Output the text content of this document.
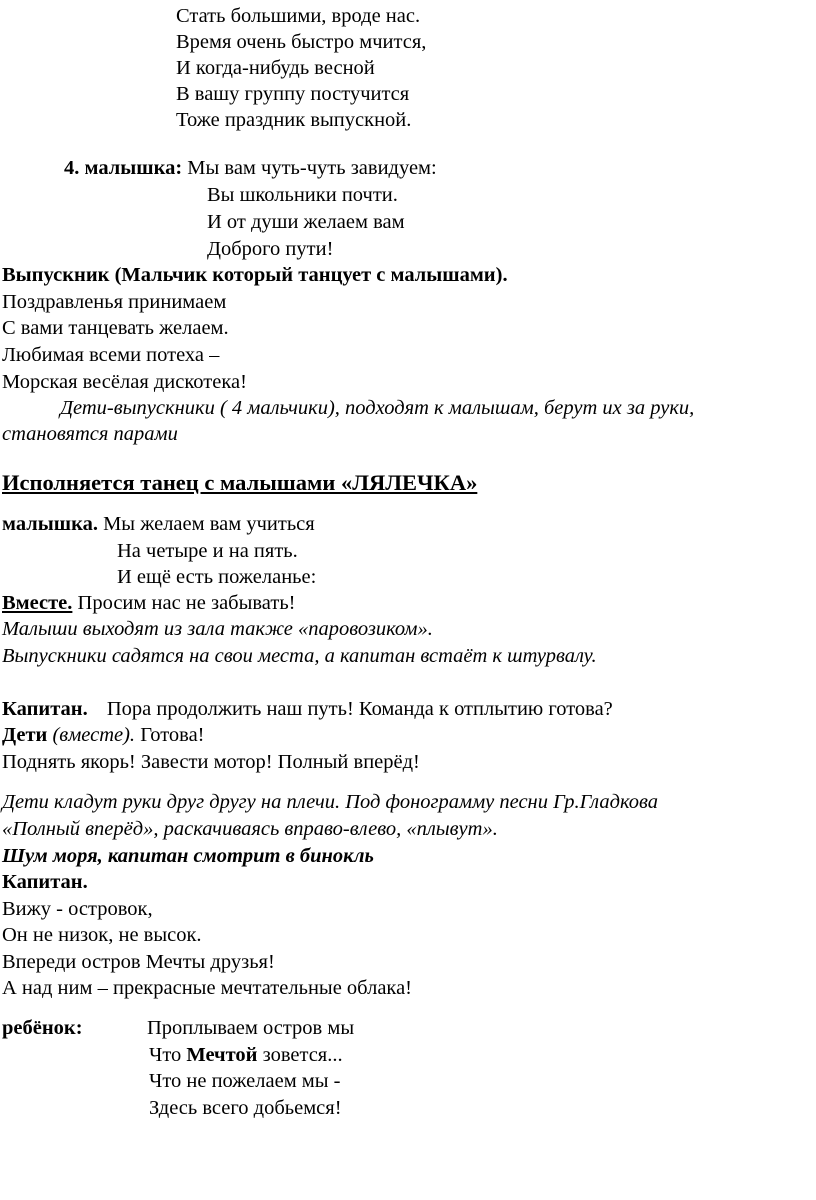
Стать большими, вроде нас.
Время очень быстро мчится,
И когда-нибудь весной
В вашу группу постучится
Тоже праздник выпускной.
4. малышка: Мы вам чуть-чуть завидуем:
Вы школьники почти.
И от души желаем вам
Доброго пути!
Выпускник (Мальчик который танцует с малышами).
Поздравленья принимаем
С вами танцевать желаем.
Любимая всеми потеха –
Морская весёлая дискотека!
Дети-выпускники ( 4 мальчики), подходят к малышам, берут их за руки,
становятся парами
Исполняется танец с малышами «ЛЯЛЕЧКА»
малышка. Мы желаем вам учиться
На четыре и на пять.
И ещё есть пожеланье:
Вместе. Просим нас не забывать!
Малыши выходят из зала также «паровозиком».
Выпускники садятся на свои места, а капитан встаёт к штурвалу.
Капитан. Пора продолжить наш путь! Команда к отплытию готова?
Дети (вместе). Готова!
Поднять якорь! Завести мотор! Полный вперёд!
Дети кладут руки друг другу на плечи. Под фонограмму песни Гр.Гладкова
«Полный вперёд», раскачиваясь вправо-влево, «плывут».
Шум моря, капитан смотрит в бинокль
Капитан.
Вижу - островок,
Он не низок, не высок.
Впереди остров Мечты друзья!
А над ним – прекрасные мечтательные облака!
ребёнок:	Проплываем остров мы
Что Мечтой зовется...
Что не пожелаем мы -
Здесь всего добьемся!
